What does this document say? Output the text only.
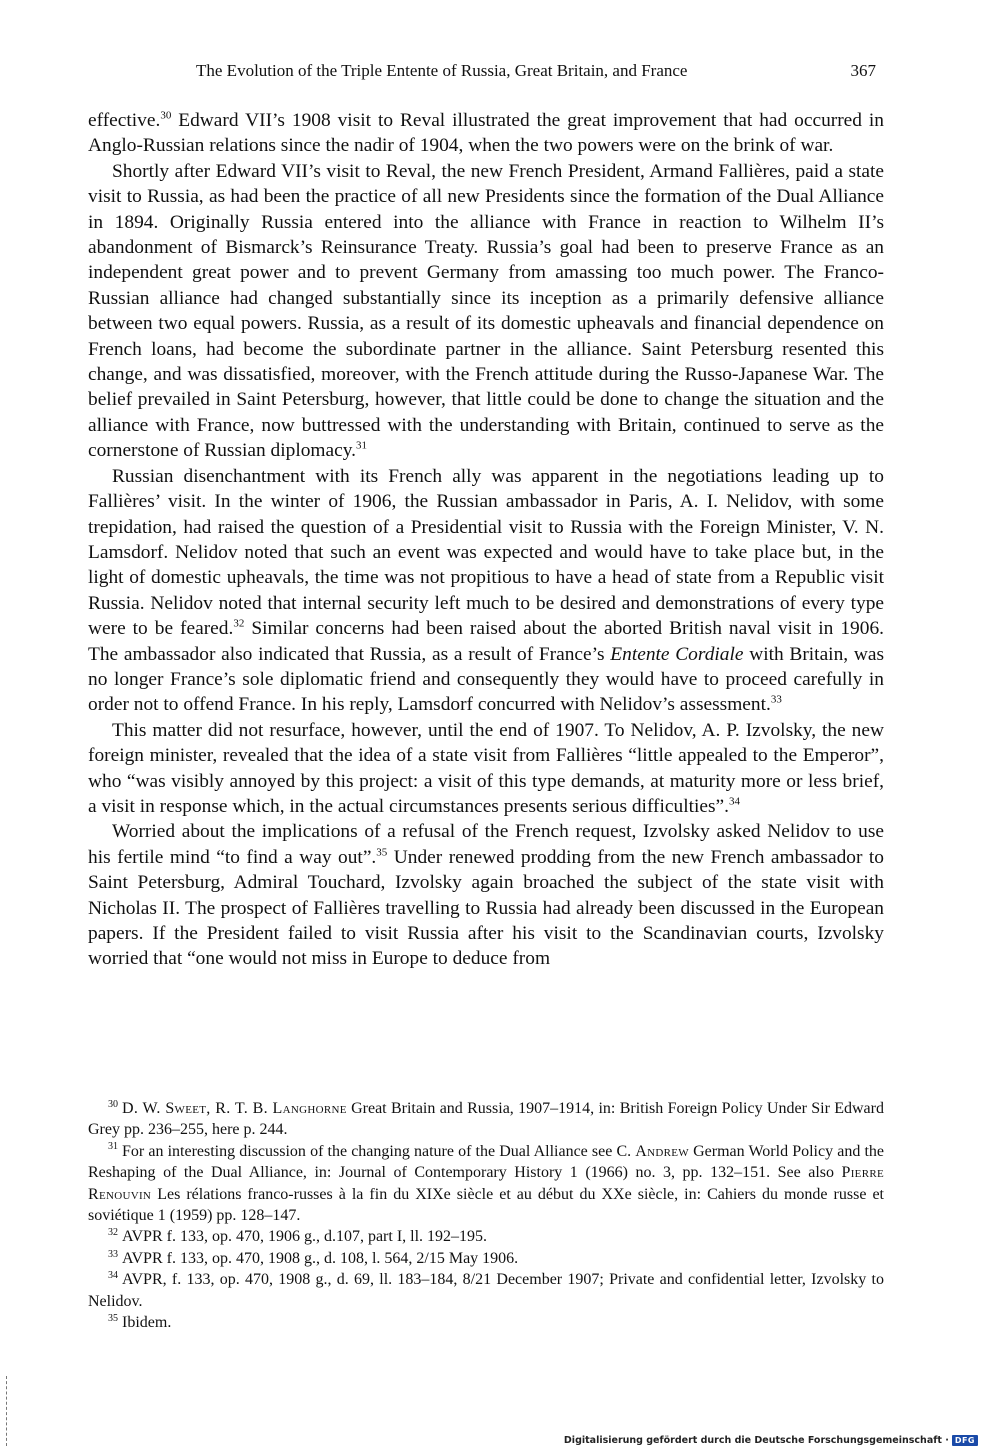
The Evolution of the Triple Entente of Russia, Great Britain, and France	367

effective.$^{30}$ Edward VII’s 1908 visit to Reval illustrated the great improvement that had occurred in Anglo-Russian relations since the nadir of 1904, when the two powers were on the brink of war.

Shortly after Edward VII’s visit to Reval, the new French President, Armand Fallières, paid a state visit to Russia, as had been the practice of all new Presidents since the formation of the Dual Alliance in 1894. Originally Russia entered into the alliance with France in reaction to Wilhelm II’s abandonment of Bismarck’s Reinsurance Treaty. Russia’s goal had been to preserve France as an independent great power and to prevent Germany from amassing too much power. The Franco-Russian alliance had changed substantially since its inception as a primarily defensive alliance between two equal powers. Russia, as a result of its domestic upheavals and financial dependence on French loans, had become the subordinate partner in the alliance. Saint Petersburg resented this change, and was dissatisfied, moreover, with the French attitude during the Russo-Japanese War. The belief prevailed in Saint Petersburg, however, that little could be done to change the situation and the alliance with France, now buttressed with the understanding with Britain, continued to serve as the cornerstone of Russian diplomacy.$^{31}$

Russian disenchantment with its French ally was apparent in the negotiations leading up to Fallières’ visit. In the winter of 1906, the Russian ambassador in Paris, A. I. Nelidov, with some trepidation, had raised the question of a Presidential visit to Russia with the Foreign Minister, V. N. Lamsdorf. Nelidov noted that such an event was expected and would have to take place but, in the light of domestic upheavals, the time was not propitious to have a head of state from a Republic visit Russia. Nelidov noted that internal security left much to be desired and demonstrations of every type were to be feared.$^{32}$ Similar concerns had been raised about the aborted British naval visit in 1906. The ambassador also indicated that Russia, as a result of France’s Entente Cordiale with Britain, was no longer France’s sole diplomatic friend and consequently they would have to proceed carefully in order not to offend France. In his reply, Lamsdorf concurred with Nelidov’s assessment.$^{33}$

This matter did not resurface, however, until the end of 1907. To Nelidov, A. P. Izvolsky, the new foreign minister, revealed that the idea of a state visit from Fallières “little appealed to the Emperor”, who “was visibly annoyed by this project: a visit of this type demands, at maturity more or less brief, a visit in response which, in the actual circumstances presents serious difficulties”.$^{34}$

Worried about the implications of a refusal of the French request, Izvolsky asked Nelidov to use his fertile mind “to find a way out”.$^{35}$ Under renewed prodding from the new French ambassador to Saint Petersburg, Admiral Touchard, Izvolsky again broached the subject of the state visit with Nicholas II. The prospect of Fallières travelling to Russia had already been discussed in the European papers. If the President failed to visit Russia after his visit to the Scandinavian courts, Izvolsky worried that “one would not miss in Europe to deduce from

$^{30}$ D. W. Sweet, R. T. B. Langhorne Great Britain and Russia, 1907–1914, in: British Foreign Policy Under Sir Edward Grey pp. 236–255, here p. 244.

$^{31}$ For an interesting discussion of the changing nature of the Dual Alliance see C. Andrew German World Policy and the Reshaping of the Dual Alliance, in: Journal of Contemporary History 1 (1966) no. 3, pp. 132–151. See also Pierre Renouvin Les rélations franco-russes à la fin du XIXe siècle et au début du XXe siècle, in: Cahiers du monde russe et soviétique 1 (1959) pp. 128–147.

$^{32}$ AVPR f. 133, op. 470, 1906 g., d.107, part I, ll. 192–195.

$^{33}$ AVPR f. 133, op. 470, 1908 g., d. 108, l. 564, 2/15 May 1906.

$^{34}$ AVPR, f. 133, op. 470, 1908 g., d. 69, ll. 183–184, 8/21 December 1907; Private and confidential letter, Izvolsky to Nelidov.

$^{35}$ Ibidem.

Digitalisierung gefördert durch die Deutsche Forschungsgemeinschaft · DFG
